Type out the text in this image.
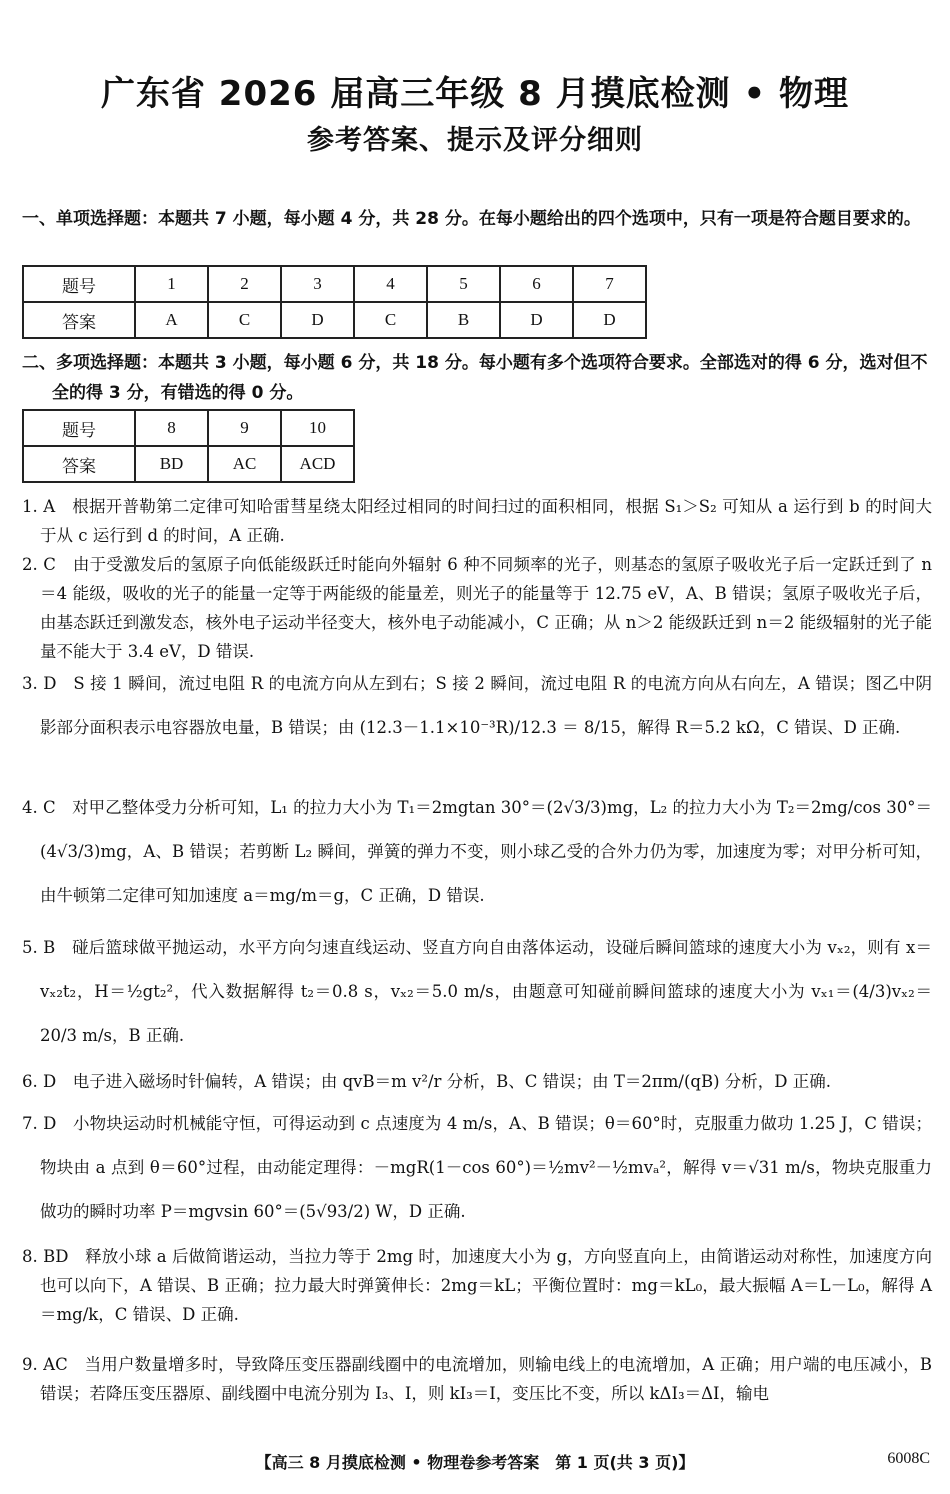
广东省 2026 届高三年级 8 月摸底检测 • 物理
参考答案、提示及评分细则
一、单项选择题：本题共 7 小题，每小题 4 分，共 28 分。在每小题给出的四个选项中，只有一项是符合题目要求的。
题号	1	2	3	4	5	6	7
答案	A	C	D	C	B	D	D
二、多项选择题：本题共 3 小题，每小题 6 分，共 18 分。每小题有多个选项符合要求。全部选对的得 6 分，选对但不全的得 3 分，有错选的得 0 分。
题号	8	9	10
答案	BD	AC	ACD
1. A　根据开普勒第二定律可知哈雷彗星绕太阳经过相同的时间扫过的面积相同，根据 S₁＞S₂ 可知从 a 运行到 b 的时间大于从 c 运行到 d 的时间，A 正确.
2. C　由于受激发后的氢原子向低能级跃迁时能向外辐射 6 种不同频率的光子，则基态的氢原子吸收光子后一定跃迁到了 n＝4 能级，吸收的光子的能量一定等于两能级的能量差，则光子的能量等于 12.75 eV，A、B 错误；氢原子吸收光子后，由基态跃迁到激发态，核外电子运动半径变大，核外电子动能减小，C 正确；从 n＞2 能级跃迁到 n＝2 能级辐射的光子能量不能大于 3.4 eV，D 错误.
3. D　S 接 1 瞬间，流过电阻 R 的电流方向从左到右；S 接 2 瞬间，流过电阻 R 的电流方向从右向左，A 错误；图乙中阴影部分面积表示电容器放电量，B 错误；由 (12.3－1.1×10⁻³R)/12.3 ＝ 8/15，解得 R＝5.2 kΩ，C 错误、D 正确.
4. C　对甲乙整体受力分析可知，L₁ 的拉力大小为 T₁＝2mgtan 30°＝(2√3/3)mg，L₂ 的拉力大小为 T₂＝2mg/cos 30°＝(4√3/3)mg，A、B 错误；若剪断 L₂ 瞬间，弹簧的弹力不变，则小球乙受的合外力仍为零，加速度为零；对甲分析可知，由牛顿第二定律可知加速度 a＝mg/m＝g，C 正确，D 错误.
5. B　碰后篮球做平抛运动，水平方向匀速直线运动、竖直方向自由落体运动，设碰后瞬间篮球的速度大小为 vₓ₂，则有 x＝vₓ₂t₂，H＝½gt₂²，代入数据解得 t₂＝0.8 s，vₓ₂＝5.0 m/s，由题意可知碰前瞬间篮球的速度大小为 vₓ₁＝(4/3)vₓ₂＝20/3 m/s，B 正确.
6. D　电子进入磁场时针偏转，A 错误；由 qvB＝m v²/r 分析，B、C 错误；由 T＝2πm/(qB) 分析，D 正确.
7. D　小物块运动时机械能守恒，可得运动到 c 点速度为 4 m/s，A、B 错误；θ＝60°时，克服重力做功 1.25 J，C 错误；物块由 a 点到 θ＝60°过程，由动能定理得：－mgR(1－cos 60°)＝½mv²－½mvₐ²，解得 v＝√31 m/s，物块克服重力做功的瞬时功率 P＝mgvsin 60°＝(5√93/2) W，D 正确.
8. BD　释放小球 a 后做简谐运动，当拉力等于 2mg 时，加速度大小为 g，方向竖直向上，由简谐运动对称性，加速度方向也可以向下，A 错误、B 正确；拉力最大时弹簧伸长：2mg＝kL；平衡位置时：mg＝kL₀，最大振幅 A＝L－L₀，解得 A＝mg/k，C 错误、D 正确.
9. AC　当用户数量增多时，导致降压变压器副线圈中的电流增加，则输电线上的电流增加，A 正确；用户端的电压减小，B 错误；若降压变压器原、副线圈中电流分别为 I₃、I，则 kI₃＝I，变压比不变，所以 kΔI₃＝ΔI，输电
【高三 8 月摸底检测 • 物理卷参考答案　第 1 页(共 3 页)】	6008C
